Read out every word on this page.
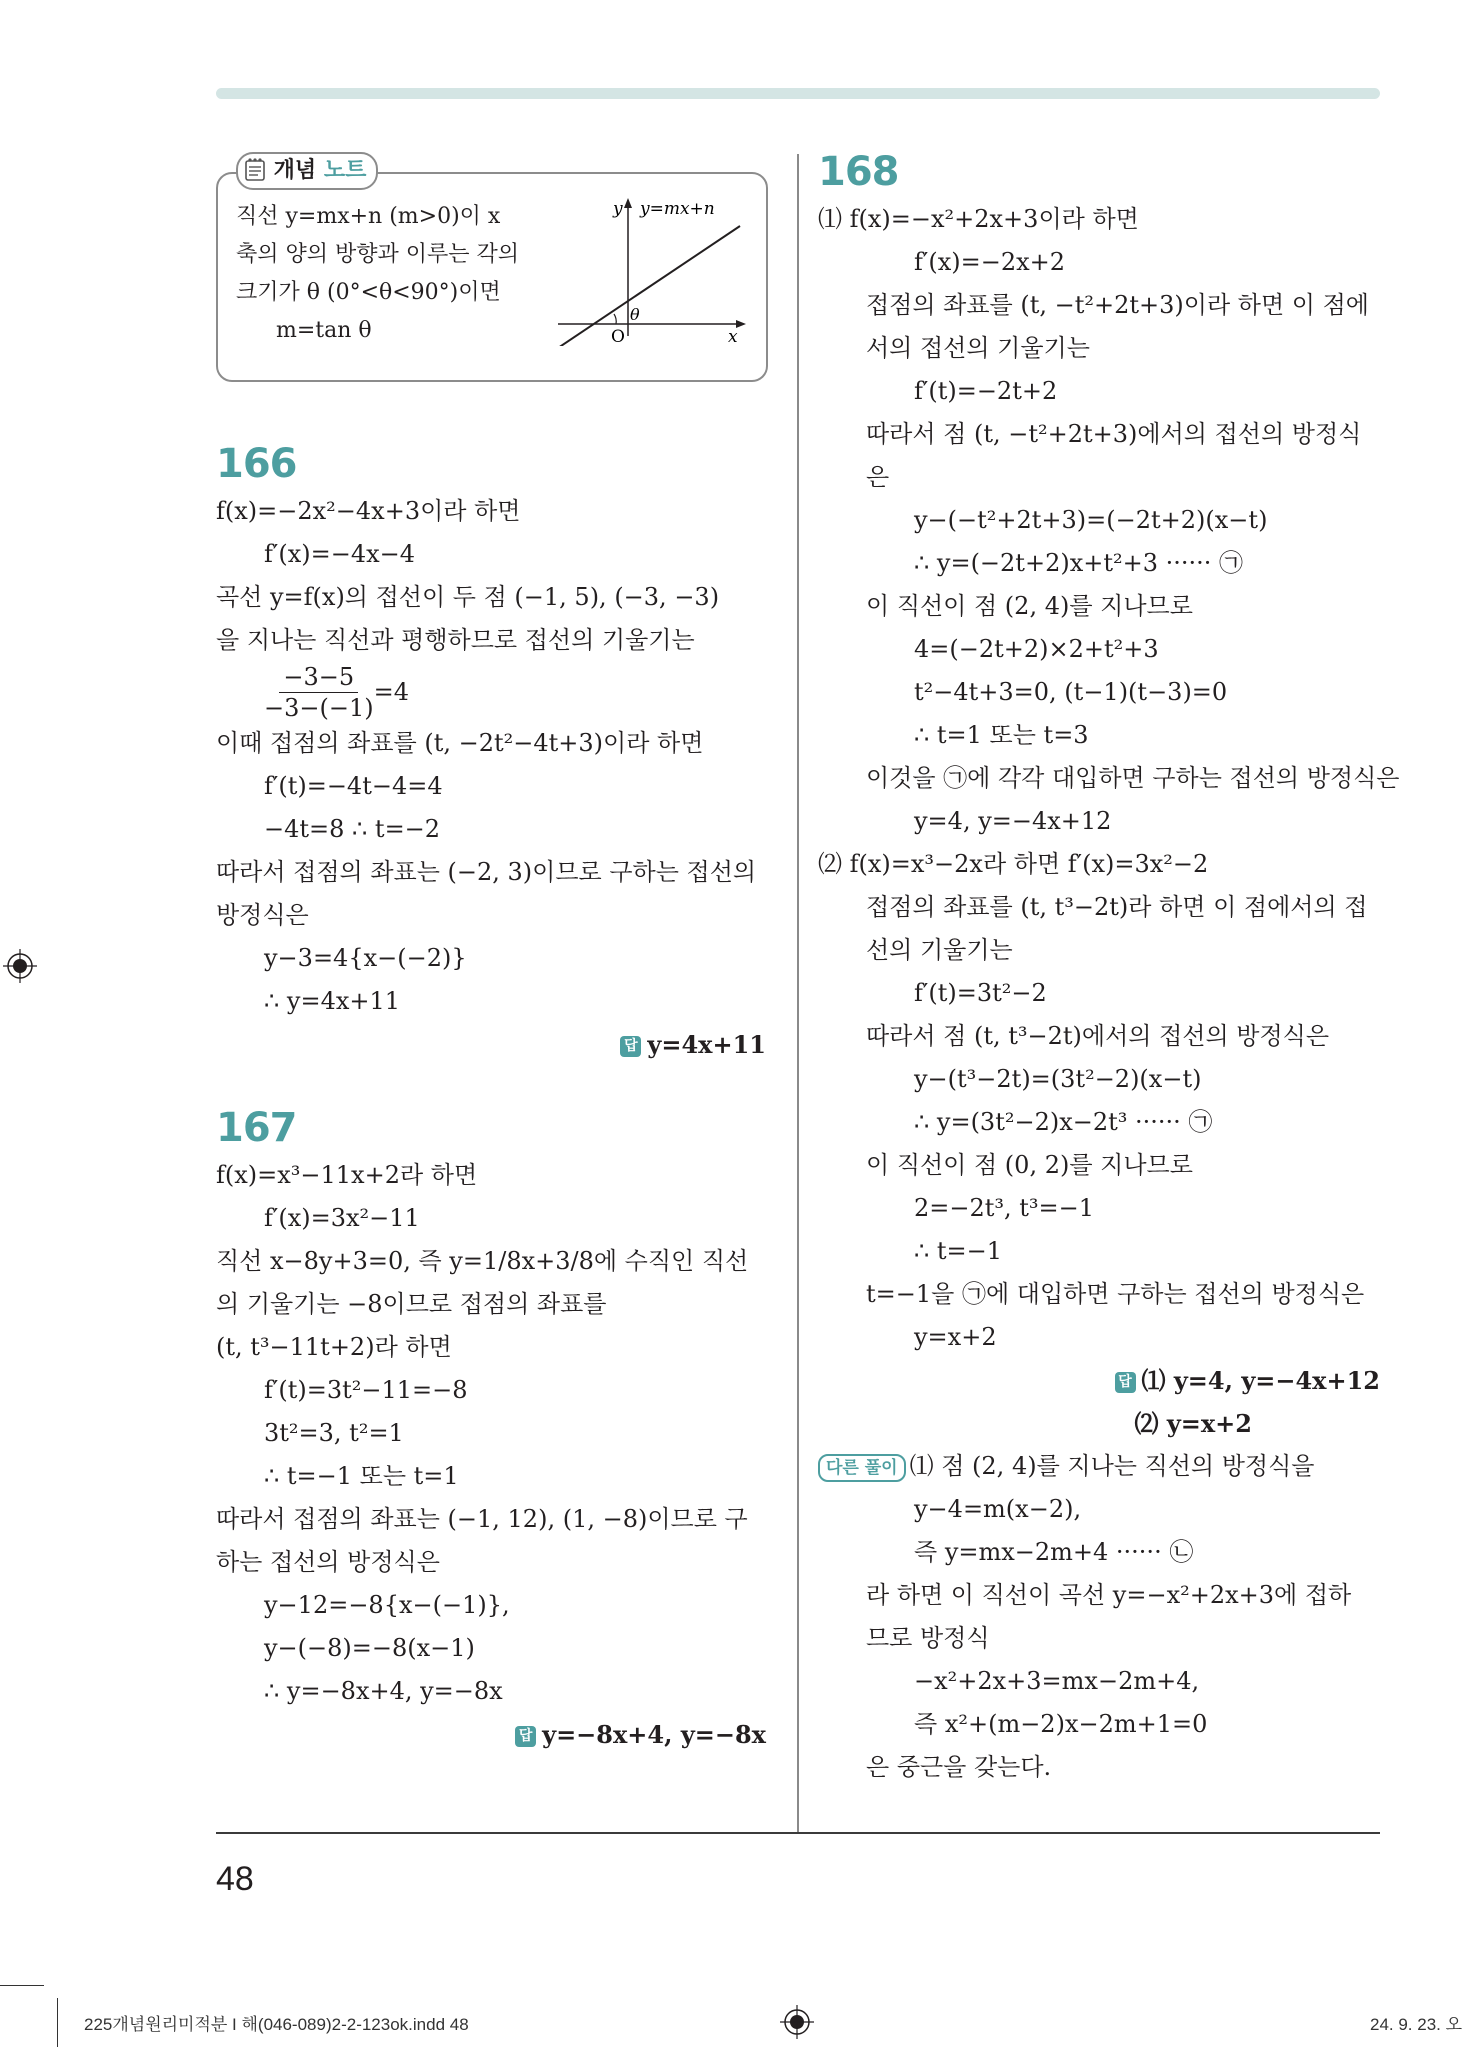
개념 노트
직선 y=mx+n (m>0)이 x
축의 양의 방향과 이루는 각의
크기가 θ (0°<θ<90°)이면
m=tan θ
y y=mx+n
θ
O	x
166
f(x)=−2x²−4x+3이라 하면
f′(x)=−4x−4
곡선 y=f(x)의 접선이 두 점 (−1, 5), (−3, −3)
을 지나는 직선과 평행하므로 접선의 기울기는
$\frac{-3-5}{-3-(-1)} =4$
이때 접점의 좌표를 (t, −2t²−4t+3)이라 하면
f′(t)=−4t−4=4
−4t=8 ∴ t=−2
따라서 접점의 좌표는 (−2, 3)이므로 구하는 접선의
방정식은
y−3=4{x−(−2)}
∴ y=4x+11
답 y=4x+11
167
f(x)=x³−11x+2라 하면
f′(x)=3x²−11
직선 x−8y+3=0, 즉 y=1/8x+3/8에 수직인 직선
의 기울기는 −8이므로 접점의 좌표를
(t, t³−11t+2)라 하면
f′(t)=3t²−11=−8
3t²=3, t²=1
∴ t=−1 또는 t=1
따라서 접점의 좌표는 (−1, 12), (1, −8)이므로 구
하는 접선의 방정식은
y−12=−8{x−(−1)},
y−(−8)=−8(x−1)
∴ y=−8x+4, y=−8x
답 y=−8x+4, y=−8x
168
⑴ f(x)=−x²+2x+3이라 하면
f′(x)=−2x+2
접점의 좌표를 (t, −t²+2t+3)이라 하면 이 점에
서의 접선의 기울기는
f′(t)=−2t+2
따라서 점 (t, −t²+2t+3)에서의 접선의 방정식
은
y−(−t²+2t+3)=(−2t+2)(x−t)
∴ y=(−2t+2)x+t²+3 ······ ㉠
이 직선이 점 (2, 4)를 지나므로
4=(−2t+2)×2+t²+3
t²−4t+3=0, (t−1)(t−3)=0
∴ t=1 또는 t=3
이것을 ㉠에 각각 대입하면 구하는 접선의 방정식은
y=4, y=−4x+12
⑵ f(x)=x³−2x라 하면 f′(x)=3x²−2
접점의 좌표를 (t, t³−2t)라 하면 이 점에서의 접
선의 기울기는
f′(t)=3t²−2
따라서 점 (t, t³−2t)에서의 접선의 방정식은
y−(t³−2t)=(3t²−2)(x−t)
∴ y=(3t²−2)x−2t³ ······ ㉠
이 직선이 점 (0, 2)를 지나므로
2=−2t³, t³=−1
∴ t=−1
t=−1을 ㉠에 대입하면 구하는 접선의 방정식은
y=x+2
답 ⑴ y=4, y=−4x+12
⑵ y=x+2
다른 풀이 ⑴ 점 (2, 4)를 지나는 직선의 방정식을
y−4=m(x−2),
즉 y=mx−2m+4 ······ ㉡
라 하면 이 직선이 곡선 y=−x²+2x+3에 접하
므로 방정식
−x²+2x+3=mx−2m+4,
즉 x²+(m−2)x−2m+1=0
은 중근을 갖는다.
48
225개념원리미적분 I 해(046-089)2-2-123ok.indd 48	24. 9. 23. 오
